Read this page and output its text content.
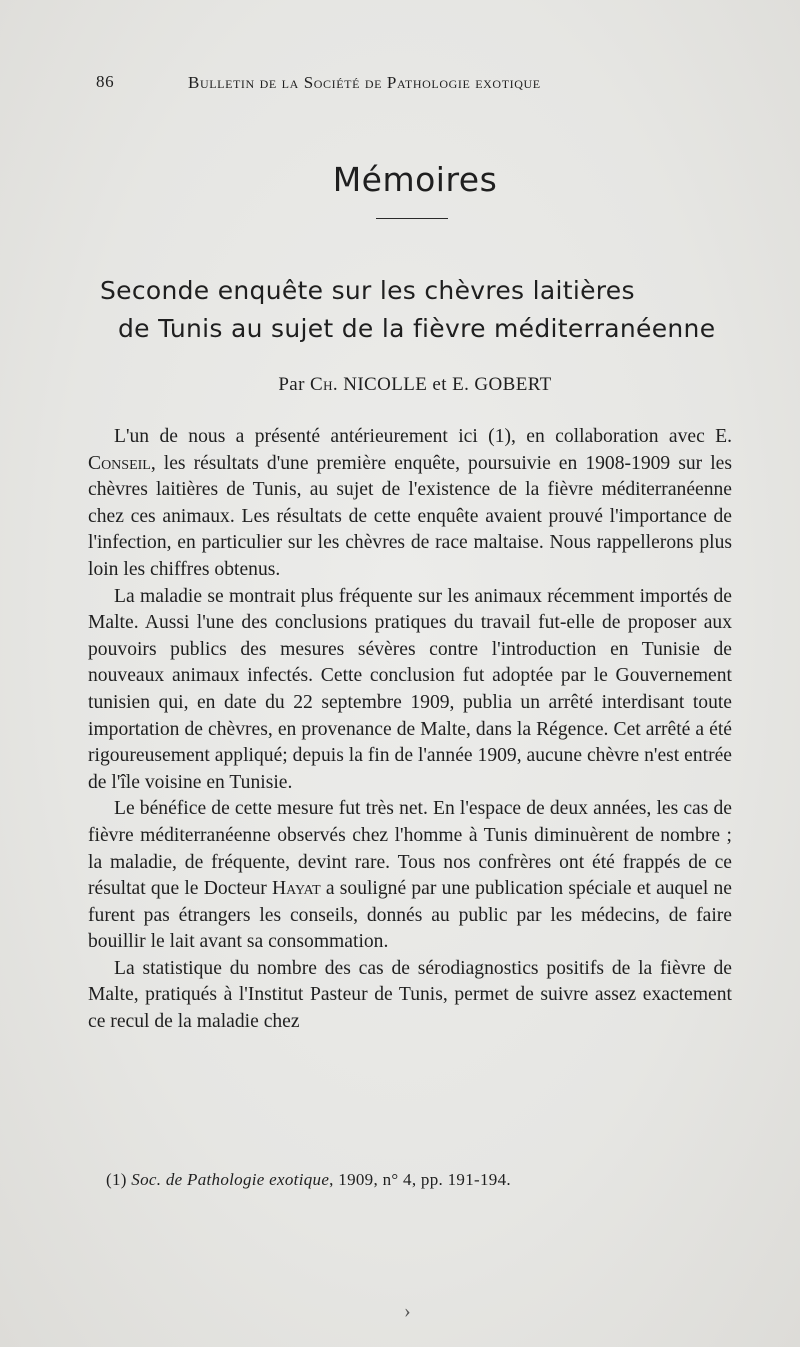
86	Bulletin de la Société de Pathologie exotique
Mémoires
Seconde enquête sur les chèvres laitières
de Tunis au sujet de la fièvre méditerranéenne
Par Ch. NICOLLE et E. GOBERT

L'un de nous a présenté antérieurement ici (1), en collaboration avec E. Conseil, les résultats d'une première enquête, poursuivie en 1908-1909 sur les chèvres laitières de Tunis, au sujet de l'existence de la fièvre méditerranéenne chez ces animaux. Les résultats de cette enquête avaient prouvé l'importance de l'infection, en particulier sur les chèvres de race maltaise. Nous rappellerons plus loin les chiffres obtenus.

La maladie se montrait plus fréquente sur les animaux récemment importés de Malte. Aussi l'une des conclusions pratiques du travail fut-elle de proposer aux pouvoirs publics des mesures sévères contre l'introduction en Tunisie de nouveaux animaux infectés. Cette conclusion fut adoptée par le Gouvernement tunisien qui, en date du 22 septembre 1909, publia un arrêté interdisant toute importation de chèvres, en provenance de Malte, dans la Régence. Cet arrêté a été rigoureusement appliqué; depuis la fin de l'année 1909, aucune chèvre n'est entrée de l'île voisine en Tunisie.

Le bénéfice de cette mesure fut très net. En l'espace de deux années, les cas de fièvre méditerranéenne observés chez l'homme à Tunis diminuèrent de nombre ; la maladie, de fréquente, devint rare. Tous nos confrères ont été frappés de ce résultat que le Docteur Hayat a souligné par une publication spéciale et auquel ne furent pas étrangers les conseils, donnés au public par les médecins, de faire bouillir le lait avant sa consommation.

La statistique du nombre des cas de sérodiagnostics positifs de la fièvre de Malte, pratiqués à l'Institut Pasteur de Tunis, permet de suivre assez exactement ce recul de la maladie chez

(1) Soc. de Pathologie exotique, 1909, n° 4, pp. 191-194.
›
